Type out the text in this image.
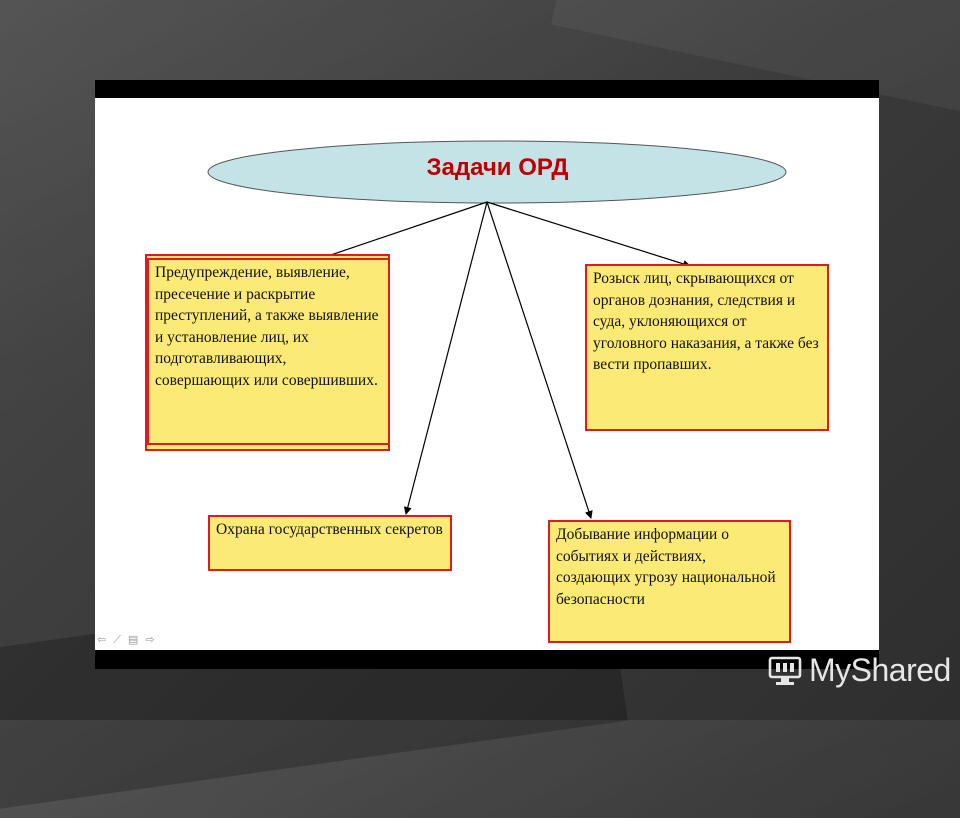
Задачи ОРД
Предупреждение, выявление, пресечение и раскрытие преступлений, а также выявление и установление лиц, их подготавливающих, совершающих или совершивших.
Розыск лиц, скрывающихся от органов дознания, следствия и суда, уклоняющихся от уголовного наказания, а также без вести пропавших.
Охрана государственных секретов	Добывание информации о событиях и действиях, создающих угрозу национальной безопасности
⇦⟋▤⇨
MyShared
